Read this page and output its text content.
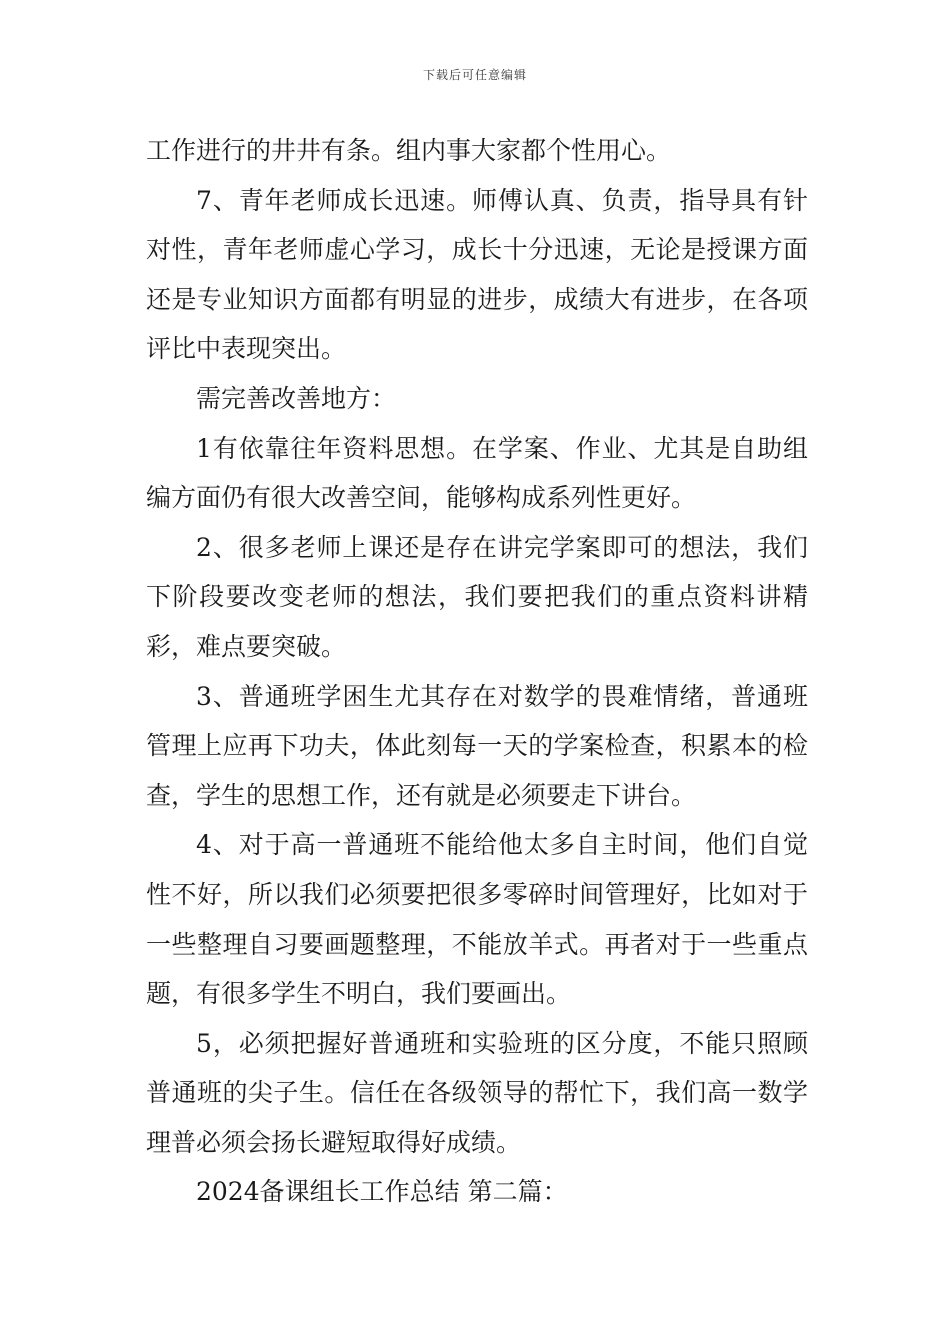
下载后可任意编辑

工作进行的井井有条。组内事大家都个性用心。

7、青年老师成长迅速。师傅认真、负责，指导具有针对性，青年老师虚心学习，成长十分迅速，无论是授课方面还是专业知识方面都有明显的进步，成绩大有进步，在各项评比中表现突出。

需完善改善地方：

1有依靠往年资料思想。在学案、作业、尤其是自助组编方面仍有很大改善空间，能够构成系列性更好。

2、很多老师上课还是存在讲完学案即可的想法，我们下阶段要改变老师的想法，我们要把我们的重点资料讲精彩，难点要突破。

3、普通班学困生尤其存在对数学的畏难情绪，普通班管理上应再下功夫，体此刻每一天的学案检查，积累本的检查，学生的思想工作，还有就是必须要走下讲台。

4、对于高一普通班不能给他太多自主时间，他们自觉性不好，所以我们必须要把很多零碎时间管理好，比如对于一些整理自习要画题整理，不能放羊式。再者对于一些重点题，有很多学生不明白，我们要画出。

5，必须把握好普通班和实验班的区分度，不能只照顾普通班的尖子生。信任在各级领导的帮忙下，我们高一数学理普必须会扬长避短取得好成绩。

2024备课组长工作总结 第二篇：
